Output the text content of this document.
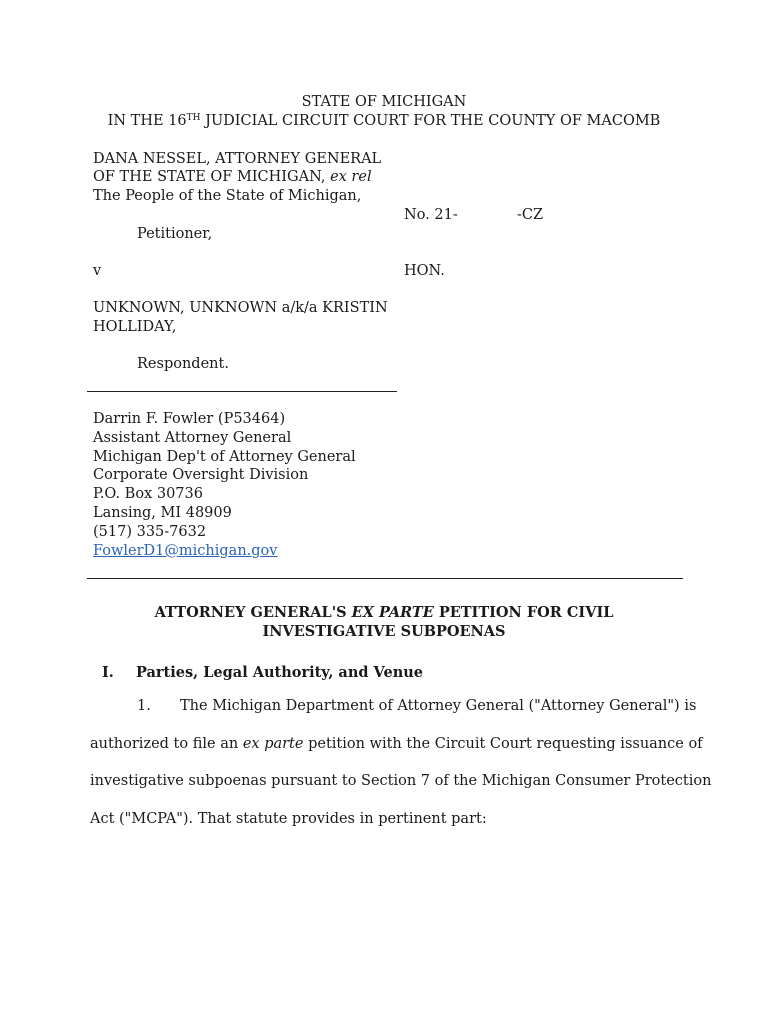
STATE OF MICHIGAN
IN THE 16TH JUDICIAL CIRCUIT COURT FOR THE COUNTY OF MACOMB
DANA NESSEL, ATTORNEY GENERAL
OF THE STATE OF MICHIGAN, ex rel
The People of the State of Michigan,
Petitioner,
v
UNKNOWN, UNKNOWN a/k/a KRISTIN
HOLLIDAY,
Respondent.
No. 21-	-CZ
HON.
Darrin F. Fowler (P53464)
Assistant Attorney General
Michigan Dep't of Attorney General
Corporate Oversight Division
P.O. Box 30736
Lansing, MI 48909
(517) 335-7632
FowlerD1@michigan.gov
ATTORNEY GENERAL'S EX PARTE PETITION FOR CIVIL
INVESTIGATIVE SUBPOENAS
I. Parties, Legal Authority, and Venue
1. The Michigan Department of Attorney General ("Attorney General") is
authorized to file an ex parte petition with the Circuit Court requesting issuance of
investigative subpoenas pursuant to Section 7 of the Michigan Consumer Protection
Act ("MCPA"). That statute provides in pertinent part:
